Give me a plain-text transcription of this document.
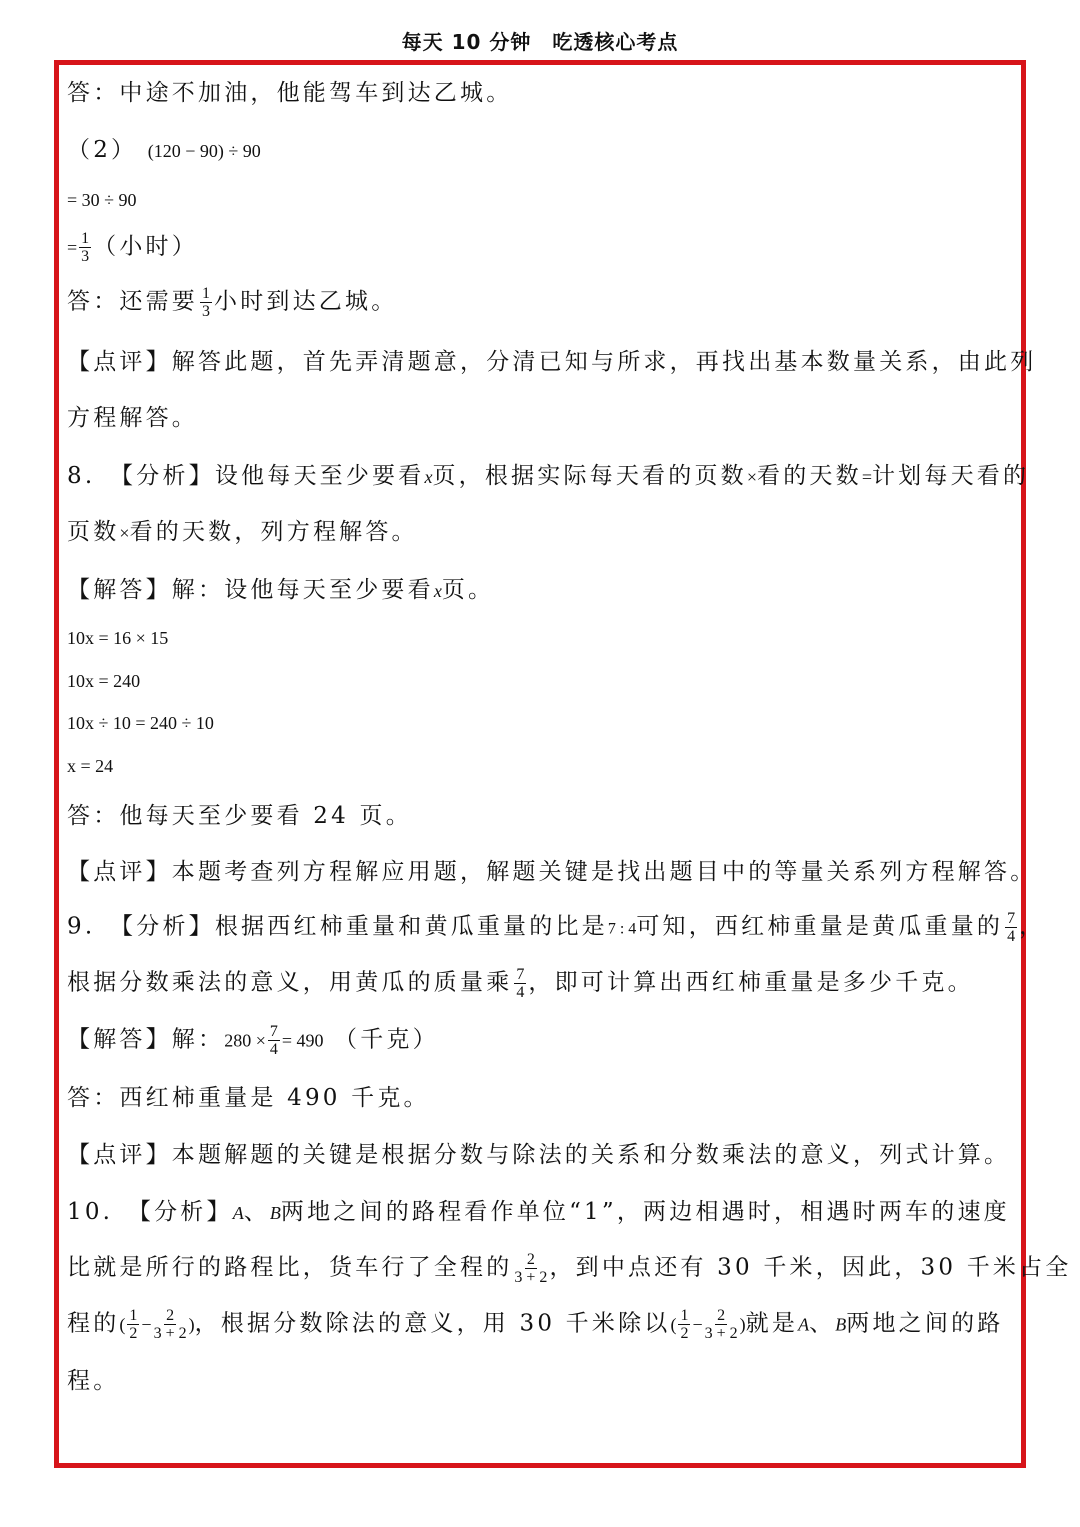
每天 10 分钟　吃透核心考点
答：中途不加油，他能驾车到达乙城。
（2） (120 − 90) ÷ 90
= 30 ÷ 90
= $\frac{1}{3}$ （小时）
答：还需要 $\frac{1}{3}$ 小时到达乙城。
【点评】解答此题，首先弄清题意，分清已知与所求，再找出基本数量关系，由此列
方程解答。
8.　【分析】设他每天至少要看x页，根据实际每天看的页数×看的天数=计划每天看的
页数×看的天数，列方程解答。
【解答】解：设他每天至少要看x页。
10x = 16 × 15
10x = 240
10x ÷ 10 = 240 ÷ 10
x = 24
答：他每天至少要看 24 页。
【点评】本题考查列方程解应用题，解题关键是找出题目中的等量关系列方程解答。
9.　【分析】根据西红柿重量和黄瓜重量的比是7 : 4可知，西红柿重量是黄瓜重量的 $\frac{7}{4}$ ，
根据分数乘法的意义，用黄瓜的质量乘 $\frac{7}{4}$ ，即可计算出西红柿重量是多少千克。
【解答】解：$280 \times \frac{7}{4} = 490$ （千克）
答：西红柿重量是 490 千克。
【点评】本题解题的关键是根据分数与除法的关系和分数乘法的意义，列式计算。
10.　【分析】A、B两地之间的路程看作单位“1”，两边相遇时，相遇时两车的速度
比就是所行的路程比，货车行了全程的 $\frac{2}{3 + 2}$ ，到中点还有 30 千米，因此，30 千米占全
程的( $\frac{1}{2} - \frac{2}{3 + 2}$ )，根据分数除法的意义，用 30 千米除以( $\frac{1}{2} - \frac{2}{3 + 2}$ )就是A、B两地之间的路
程。
